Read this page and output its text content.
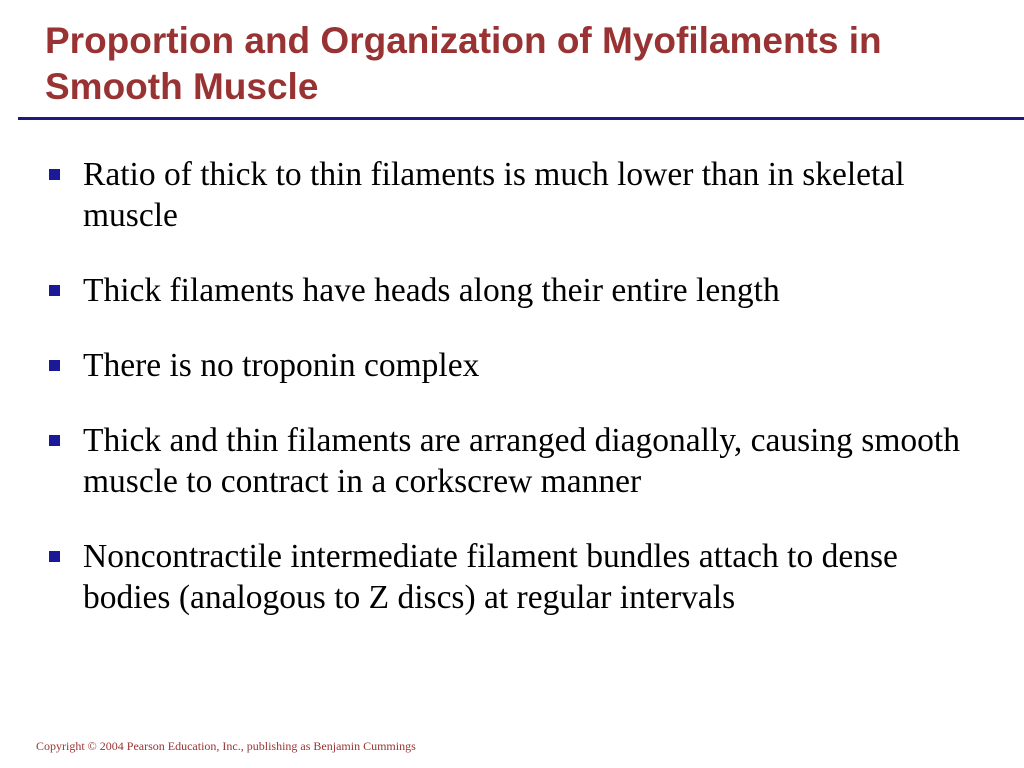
Proportion and Organization of Myofilaments in Smooth Muscle
Ratio of thick to thin filaments is much lower than in skeletal muscle
Thick filaments have heads along their entire length
There is no troponin complex
Thick and thin filaments are arranged diagonally, causing smooth muscle to contract in a corkscrew manner
Noncontractile intermediate filament bundles attach to dense bodies (analogous to Z discs) at regular intervals
Copyright © 2004 Pearson Education, Inc., publishing as Benjamin Cummings
